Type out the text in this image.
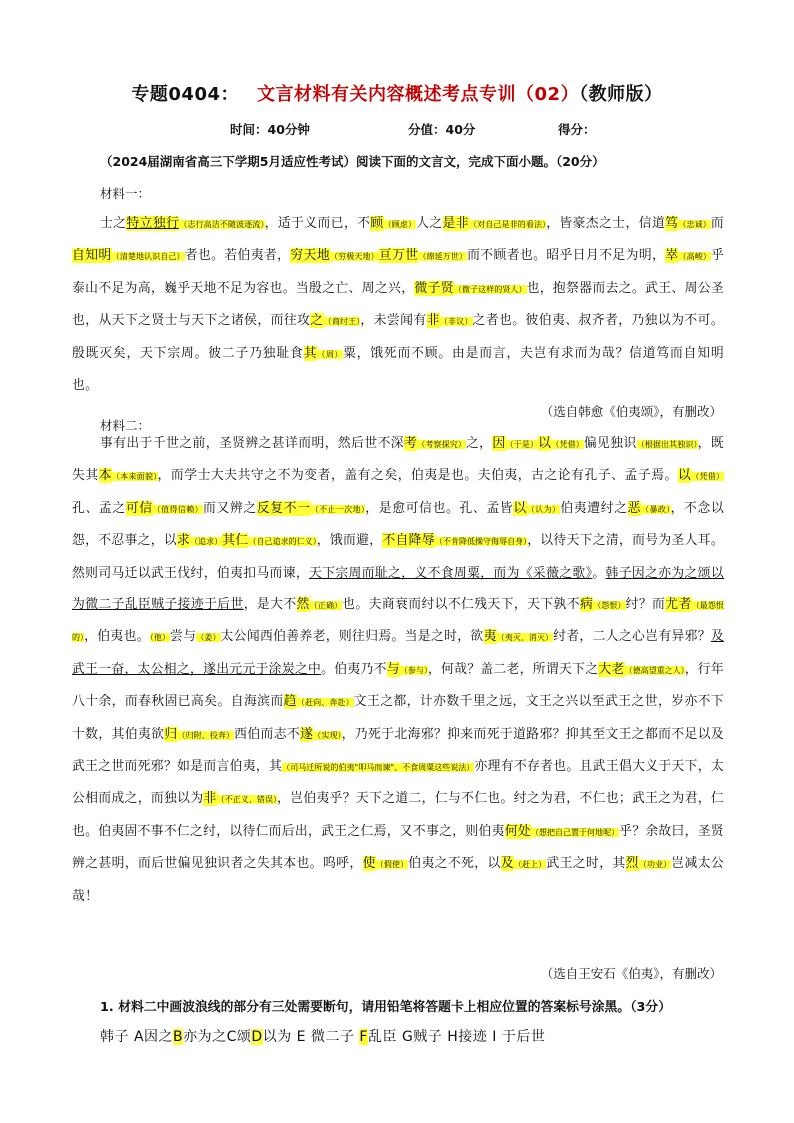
专题0404： 文言材料有关内容概述考点专训（02）（教师版）
时间：40分钟	分值：40分	得分：
（2024届湖南省高三下学期5月适应性考试）阅读下面的文言文，完成下面小题。（20分）
材料一：

士之特立独行（志行高洁不随波逐流），适于义而已，不顾（顾虑）人之是非（对自己是非的看法），皆豪杰之士，信道笃（忠诚）而自知明（清楚地认识自己）者也。若伯夷者，穷天地（穷极天地）亘万世（绵延万世）而不顾者也。昭乎日月不足为明，崒（高峻）乎泰山不足为高，巍乎天地不足为容也。当殷之亡、周之兴，微子贤（微子这样的贤人）也，抱祭器而去之。武王、周公圣也，从天下之贤士与天下之诸侯，而往攻之（商纣王），未尝闻有非（非议）之者也。彼伯夷、叔齐者，乃独以为不可。殷既灭矣，天下宗周。彼二子乃独耻食其（周）粟，饿死而不顾。由是而言，夫岂有求而为哉？信道笃而自知明也。

（选自韩愈《伯夷颂》，有删改）
材料二：

事有出于千世之前，圣贤辨之甚详而明，然后世不深考（考察探究）之，因（于是）以（凭借）偏见独识（根据出其独识），既失其本（本来面貌），而学士大夫共守之不为变者，盖有之矣，伯夷是也。夫伯夷，古之论有孔子、孟子焉。以（凭借）孔、孟之可信（值得信赖）而又辨之反复不一（不止一次地），是愈可信也。孔、孟皆以（认为）伯夷遭纣之恶（暴政），不念以怨，不忍事之，以求（追求）其仁（自己追求的仁义），饿而避，不自降辱（不肯降低操守侮辱自身），以待天下之清，而号为圣人耳。然则司马迁以武王伐纣，伯夷扣马而谏，天下宗周而耻之，义不食周粟，而为《采薇之歌》。韩子因之亦为之颂以为微二子乱臣贼子接迹于后世，是大不然（正确）也。夫商衰而纣以不仁残天下，天下孰不病（怨恨）纣？而尤者（最怨恨的），伯夷也。（他）尝与（姜）太公闻西伯善养老，则往归焉。当是之时，欲夷（夷灭、消灭）纣者，二人之心岂有异邪？及武王一奋，太公相之，遂出元元于涂炭之中。伯夷乃不与（参与），何哉？盖二老，所谓天下之大老（德高望重之人），行年八十余，而春秋固已高矣。自海滨而趋（赶向、奔赴）文王之都，计亦数千里之远，文王之兴以至武王之世，岁亦不下十数，其伯夷欲归（归附、投奔）西伯而志不遂（实现），乃死于北海邪？抑来而死于道路邪？抑其至文王之都而不足以及武王之世而死邪？如是而言伯夷，其（司马迁所说的伯夷"叩马而谏"、不食周粟这些说法）亦理有不存者也。且武王倡大义于天下，太公相而成之，而独以为非（不正义、错误），岂伯夷乎？天下之道二，仁与不仁也。纣之为君，不仁也；武王之为君，仁也。伯夷固不事不仁之纣，以待仁而后出，武王之仁焉，又不事之，则伯夷何处（想把自己置于何地呢）乎？余故曰，圣贤辨之甚明，而后世偏见独识者之失其本也。呜呼，使（假使）伯夷之不死，以及（赶上）武王之时，其烈（功业）岂减太公哉！

（选自王安石《伯夷》，有删改）
1. 材料二中画波浪线的部分有三处需要断句，请用铅笔将答题卡上相应位置的答案标号涂黑。（3分）
韩子 A因之B亦为之C颂D以为 E 微二子 F乱臣 G贼子 H接迹 I 于后世
